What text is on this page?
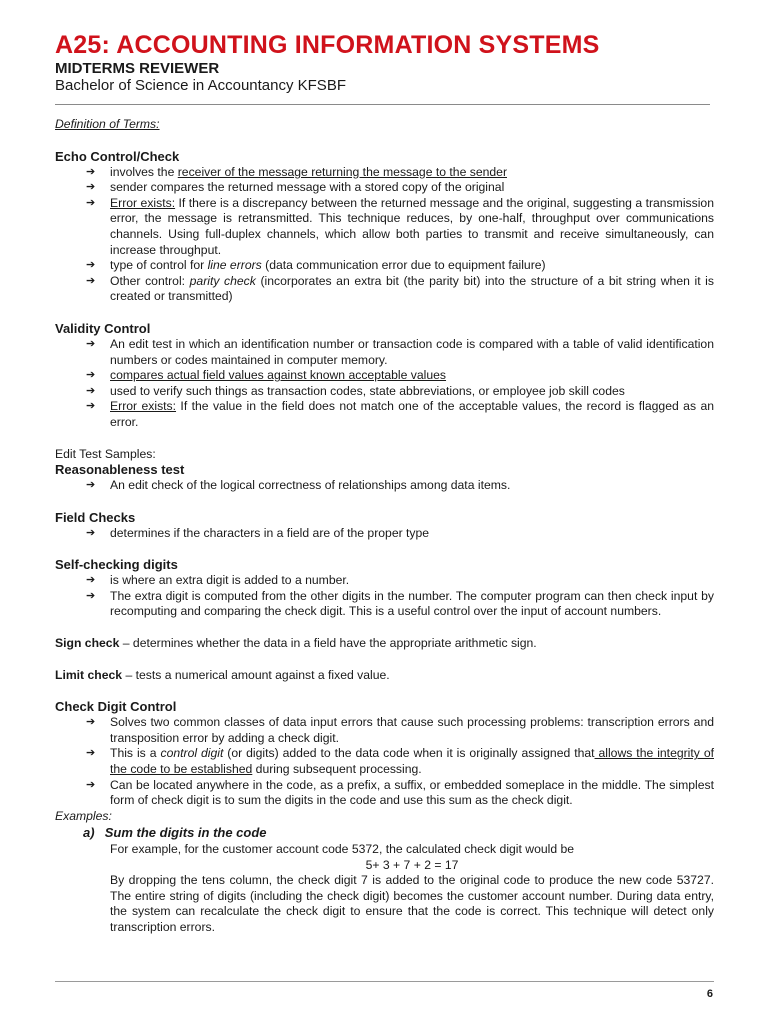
A25: ACCOUNTING INFORMATION SYSTEMS
MIDTERMS REVIEWER
Bachelor of Science in Accountancy KFSBF
Definition of Terms:
Echo Control/Check
➔ involves the receiver of the message returning the message to the sender
➔ sender compares the returned message with a stored copy of the original
➔ Error exists: If there is a discrepancy between the returned message and the original, suggesting a transmission error, the message is retransmitted. This technique reduces, by one-half, throughput over communications channels. Using full-duplex channels, which allow both parties to transmit and receive simultaneously, can increase throughput.
➔ type of control for line errors (data communication error due to equipment failure)
➔ Other control: parity check (incorporates an extra bit (the parity bit) into the structure of a bit string when it is created or transmitted)
Validity Control
➔ An edit test in which an identification number or transaction code is compared with a table of valid identification numbers or codes maintained in computer memory.
➔ compares actual field values against known acceptable values
➔ used to verify such things as transaction codes, state abbreviations, or employee job skill codes
➔ Error exists: If the value in the field does not match one of the acceptable values, the record is flagged as an error.
Edit Test Samples:
Reasonableness test
➔ An edit check of the logical correctness of relationships among data items.
Field Checks
➔ determines if the characters in a field are of the proper type
Self-checking digits
➔ is where an extra digit is added to a number.
➔ The extra digit is computed from the other digits in the number. The computer program can then check input by recomputing and comparing the check digit. This is a useful control over the input of account numbers.
Sign check – determines whether the data in a field have the appropriate arithmetic sign.
Limit check – tests a numerical amount against a fixed value.
Check Digit Control
➔ Solves two common classes of data input errors that cause such processing problems: transcription errors and transposition error by adding a check digit.
➔ This is a control digit (or digits) added to the data code when it is originally assigned that allows the integrity of the code to be established during subsequent processing.
➔ Can be located anywhere in the code, as a prefix, a suffix, or embedded someplace in the middle. The simplest form of check digit is to sum the digits in the code and use this sum as the check digit.
Examples:
a) Sum the digits in the code
For example, for the customer account code 5372, the calculated check digit would be
5+ 3 + 7 + 2 = 17
By dropping the tens column, the check digit 7 is added to the original code to produce the new code 53727. The entire string of digits (including the check digit) becomes the customer account number. During data entry, the system can recalculate the check digit to ensure that the code is correct. This technique will detect only transcription errors.
6
